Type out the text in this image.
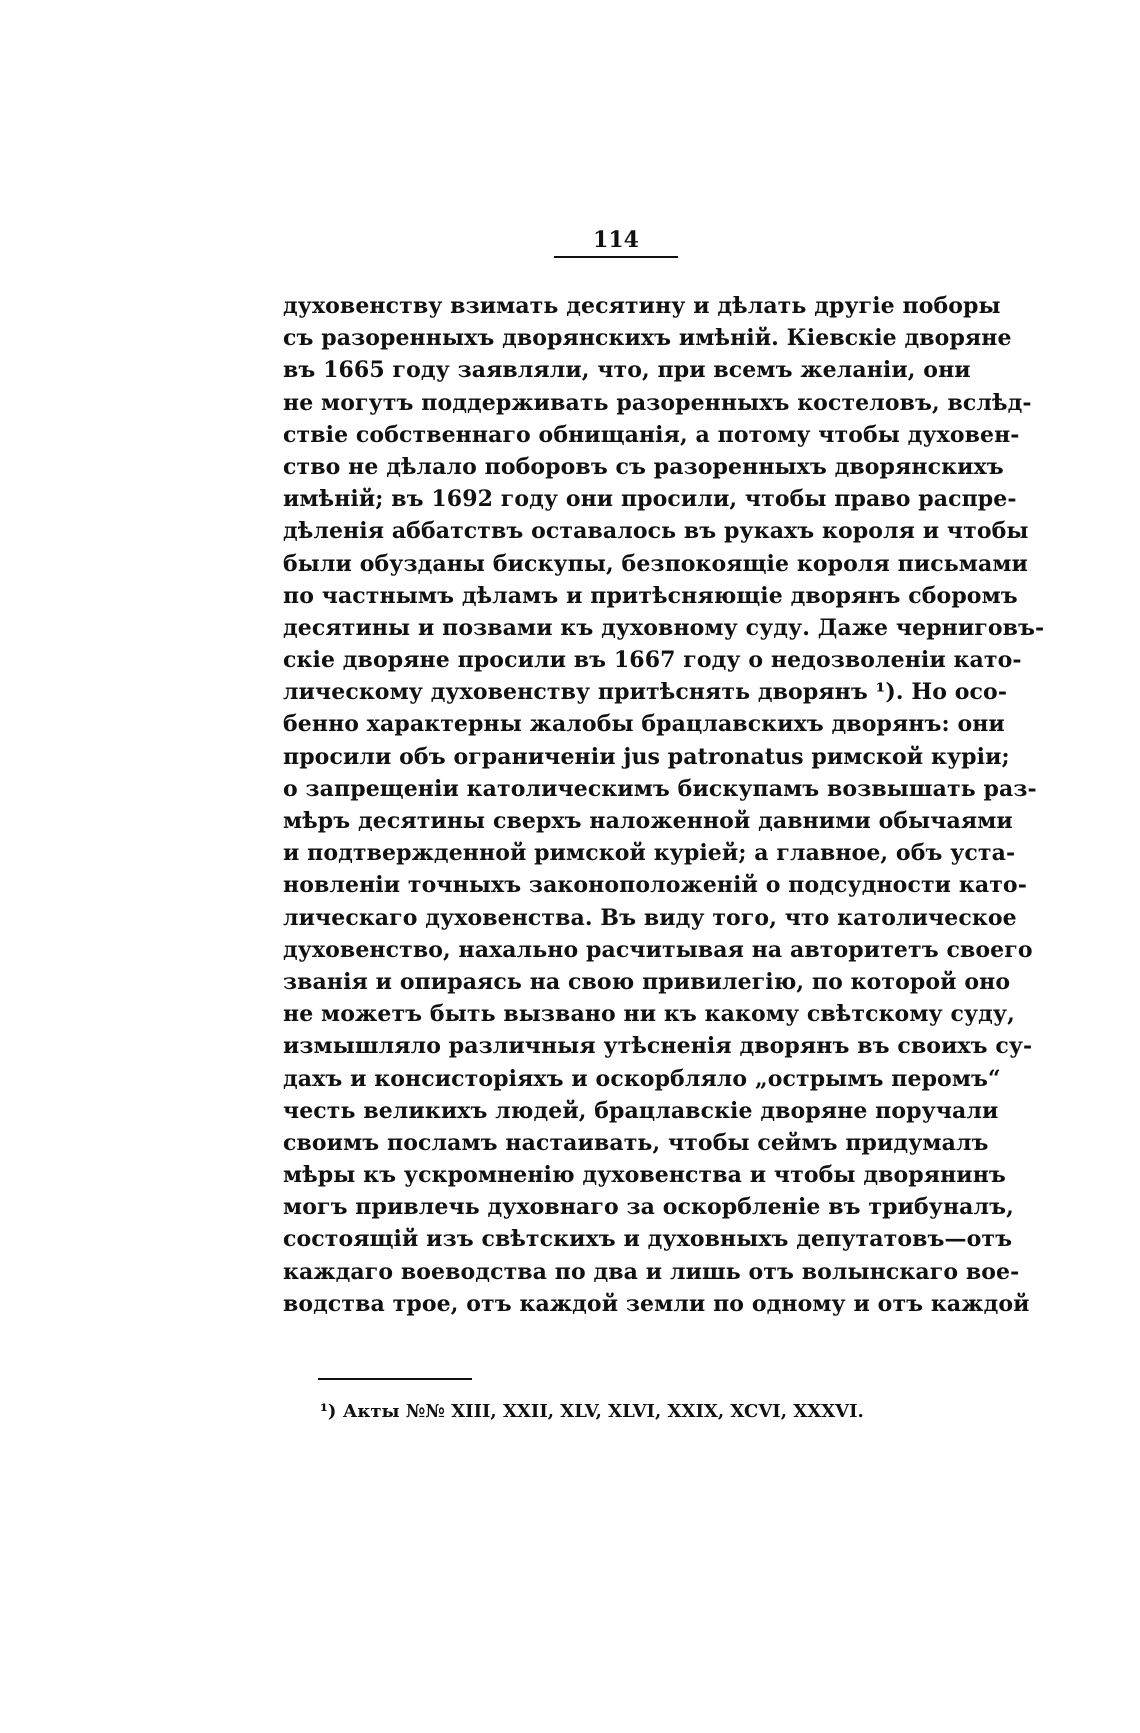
114
духовенству взимать десятину и дѣлать другіе поборы
съ разоренныхъ дворянскихъ имѣній. Кіевскіе дворяне
въ 1665 году заявляли, что, при всемъ желаніи, они
не могутъ поддерживать разоренныхъ костеловъ, вслѣд-
ствіе собственнаго обнищанія, а потому чтобы духовен-
ство не дѣлало поборовъ съ разоренныхъ дворянскихъ
имѣній; въ 1692 году они просили, чтобы право распре-
дѣленія аббатствъ оставалось въ рукахъ короля и чтобы
были обузданы бискупы, безпокоящіе короля письмами
по частнымъ дѣламъ и притѣсняющіе дворянъ сборомъ
десятины и позвами къ духовному суду. Даже черниговъ-
скіе дворяне просили въ 1667 году о недозволеніи като-
лическому духовенству притѣснять дворянъ ¹). Но осо-
бенно характерны жалобы брацлавскихъ дворянъ: они
просили объ ограниченіи jus patronatus римской куріи;
о запрещеніи католическимъ бискупамъ возвышать раз-
мѣръ десятины сверхъ наложенной давними обычаями
и подтвержденной римской куріей; а главное, объ уста-
новленіи точныхъ законоположеній о подсудности като-
лическаго духовенства. Въ виду того, что католическое
духовенство, нахально расчитывая на авторитетъ своего
званія и опираясь на свою привилегію, по которой оно
не можетъ быть вызвано ни къ какому свѣтскому суду,
измышляло различныя утѣсненія дворянъ въ своихъ су-
дахъ и консисторіяхъ и оскорбляло „острымъ перомъ“
честь великихъ людей, брацлавскіе дворяне поручали
своимъ посламъ настаивать, чтобы сеймъ придумалъ
мѣры къ ускромненію духовенства и чтобы дворянинъ
могъ привлечь духовнаго за оскорбленіе въ трибуналъ,
состоящій изъ свѣтскихъ и духовныхъ депутатовъ—отъ
каждаго воеводства по два и лишь отъ волынскаго вое-
водства трое, отъ каждой земли по одному и отъ каждой
¹) Акты №№ XIII, XXII, XLV, XLVI, XXIX, XCVI, XXXVI.
